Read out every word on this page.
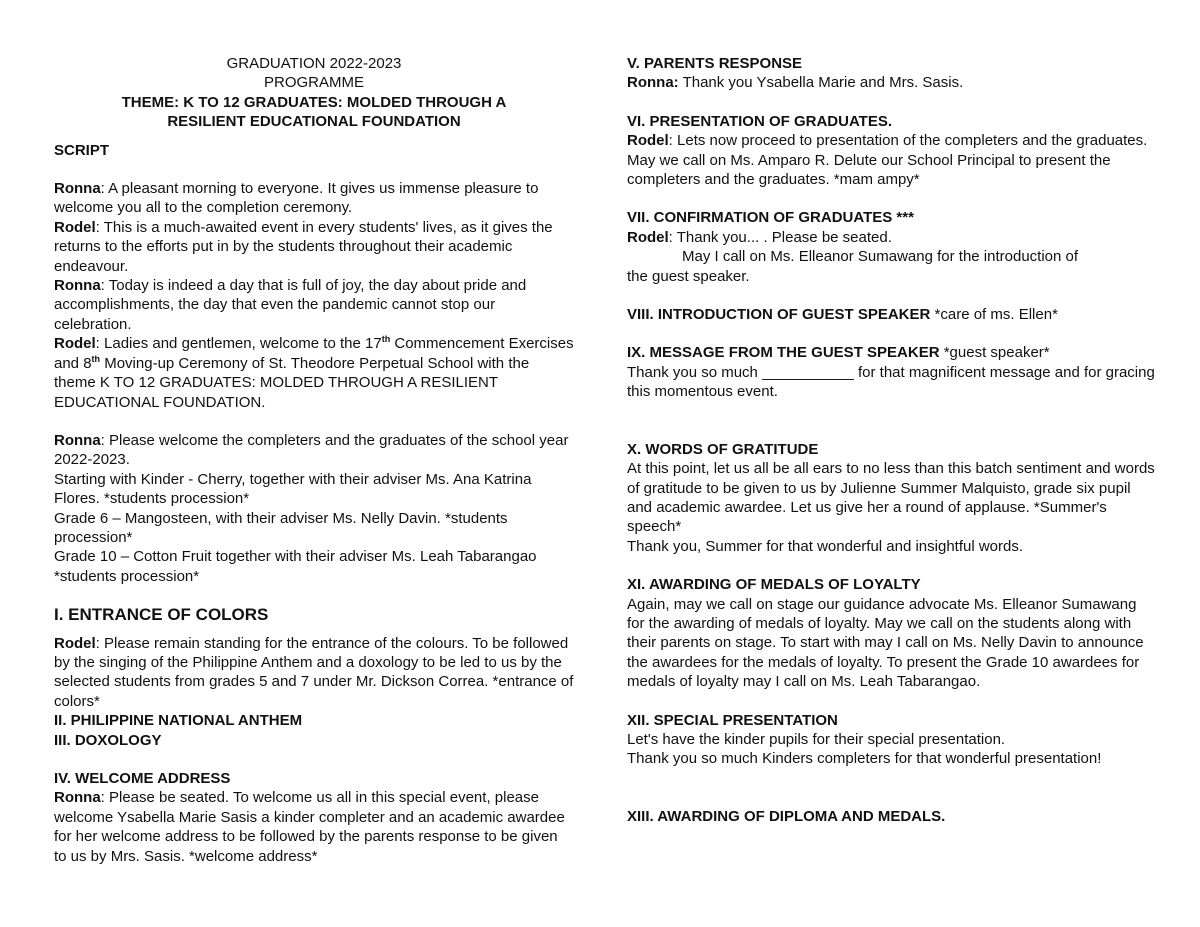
GRADUATION 2022-2023
PROGRAMME
THEME: K TO 12 GRADUATES: MOLDED THROUGH A
RESILIENT EDUCATIONAL FOUNDATION
SCRIPT

Ronna: A pleasant morning to everyone. It gives us immense pleasure to welcome you all to the completion ceremony.

Rodel: This is a much-awaited event in every students' lives, as it gives the returns to the efforts put in by the students throughout their academic endeavour.

Ronna: Today is indeed a day that is full of joy, the day about pride and accomplishments, the day that even the pandemic cannot stop our celebration.

Rodel: Ladies and gentlemen, welcome to the 17th Commencement Exercises and 8th Moving-up Ceremony of St. Theodore Perpetual School with the theme K TO 12 GRADUATES: MOLDED THROUGH A RESILIENT EDUCATIONAL FOUNDATION.

Ronna: Please welcome the completers and the graduates of the school year 2022-2023.

Starting with Kinder - Cherry, together with their adviser Ms. Ana Katrina Flores. *students procession*

Grade 6 – Mangosteen, with their adviser Ms. Nelly Davin. *students procession*

Grade 10 – Cotton Fruit together with their adviser Ms. Leah Tabarangao *students procession*

I. ENTRANCE OF COLORS

Rodel: Please remain standing for the entrance of the colours. To be followed by the singing of the Philippine Anthem and a doxology to be led to us by the selected students from grades 5 and 7 under Mr. Dickson Correa. *entrance of colors*

II. PHILIPPINE NATIONAL ANTHEM
III. DOXOLOGY
IV. WELCOME ADDRESS

Ronna: Please be seated. To welcome us all in this special event, please welcome Ysabella Marie Sasis a kinder completer and an academic awardee for her welcome address to be followed by the parents response to be given to us by Mrs. Sasis. *welcome address*

V. PARENTS RESPONSE

Ronna: Thank you Ysabella Marie and Mrs. Sasis.

VI. PRESENTATION OF GRADUATES.

Rodel: Lets now proceed to presentation of the completers and the graduates. May we call on Ms. Amparo R. Delute our School Principal to present the completers and the graduates. *mam ampy*

VII. CONFIRMATION OF GRADUATES ***

Rodel: Thank you... . Please be seated.

May I call on Ms. Elleanor Sumawang for the introduction of

the guest speaker.

VIII. INTRODUCTION OF GUEST SPEAKER *care of ms. Ellen*

IX. MESSAGE FROM THE GUEST SPEAKER *guest speaker*

Thank you so much ___________ for that magnificent message and for gracing this momentous event.

X. WORDS OF GRATITUDE

At this point, let us all be all ears to no less than this batch sentiment and words of gratitude to be given to us by Julienne Summer Malquisto, grade six pupil and academic awardee. Let us give her a round of applause. *Summer's speech*

Thank you, Summer for that wonderful and insightful words.

XI. AWARDING OF MEDALS OF LOYALTY

Again, may we call on stage our guidance advocate Ms. Elleanor Sumawang for the awarding of medals of loyalty. May we call on the students along with their parents on stage. To start with may I call on Ms. Nelly Davin to announce the awardees for the medals of loyalty. To present the Grade 10 awardees for medals of loyalty may I call on Ms. Leah Tabarangao.

XII. SPECIAL PRESENTATION

Let's have the kinder pupils for their special presentation.

Thank you so much Kinders completers for that wonderful presentation!

XIII. AWARDING OF DIPLOMA AND MEDALS.
